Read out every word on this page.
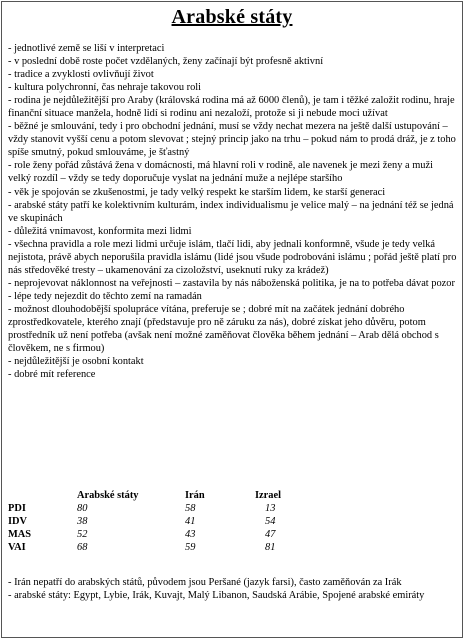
Arabské státy
- jednotlivé země se liší v interpretaci
- v poslední době roste počet vzdělaných, ženy začínají být profesně aktivní
- tradice a zvyklosti ovlivňují život
- kultura polychronní, čas nehraje takovou roli
- rodina je nejdůležitější pro Araby (královská rodina má až 6000 členů), je tam i těžké založit rodinu, hraje finanční situace manžela, hodně lidí si rodinu ani nezaloží, protože si ji nebude moci užívat
- běžné je smlouvání, tedy i pro obchodní jednání, musí se vždy nechat mezera na ještě další ustupování – vždy stanovit vyšší cenu a potom slevovat ; stejný princip jako na trhu – pokud nám to prodá dráž, je z toho spíše smutný, pokud smlouváme, je šťastný
- role ženy pořád zůstává žena v domácnosti, má hlavní roli v rodině, ale navenek je mezi ženy a muži velký rozdíl – vždy se tedy doporučuje vyslat na jednání muže a nejlépe staršího
- věk je spojován se zkušenostmi, je tady velký respekt ke starším lidem, ke starší generaci
- arabské státy patří ke kolektivním kulturám, index individualismu je velice malý – na jednání též se jedná ve skupinách
- důležitá vnímavost, konformita mezi lidmi
- všechna pravidla a role mezi lidmi určuje islám, tlačí lidi, aby jednali konformně, všude je tedy velká nejistota, právě abych neporušila pravidla islámu (lidé jsou všude podrobováni islámu ; pořád ještě platí pro nás středověké tresty – ukamenování za cizoložství, useknutí ruky za krádež)
- neprojevovat náklonnost na veřejnosti – zastavila by nás náboženská politika, je na to potřeba dávat pozor
- lépe tedy nejezdit do těchto zemí na ramadán
- možnost dlouhodobější spolupráce vítána, preferuje se ; dobré mít na začátek jednání dobrého zprostředkovatele, kterého znají (představuje pro ně záruku za nás), dobré získat jeho důvěru, potom prostředník už není potřeba (avšak není možné zaměňovat člověka během jednání – Arab dělá obchod s člověkem, ne s firmou)
- nejdůležitější je osobní kontakt
- dobré mít reference
	Arabské státy	Irán	Izrael
PDI	80	58	13
IDV	38	41	54
MAS	52	43	47
VAI	68	59	81
- Irán nepatří do arabských států, původem jsou Peršané (jazyk farsi), často zaměňován za Irák
- arabské státy: Egypt, Lybie, Irák, Kuvajt, Malý Libanon, Saudská Arábie, Spojené arabské emiráty
